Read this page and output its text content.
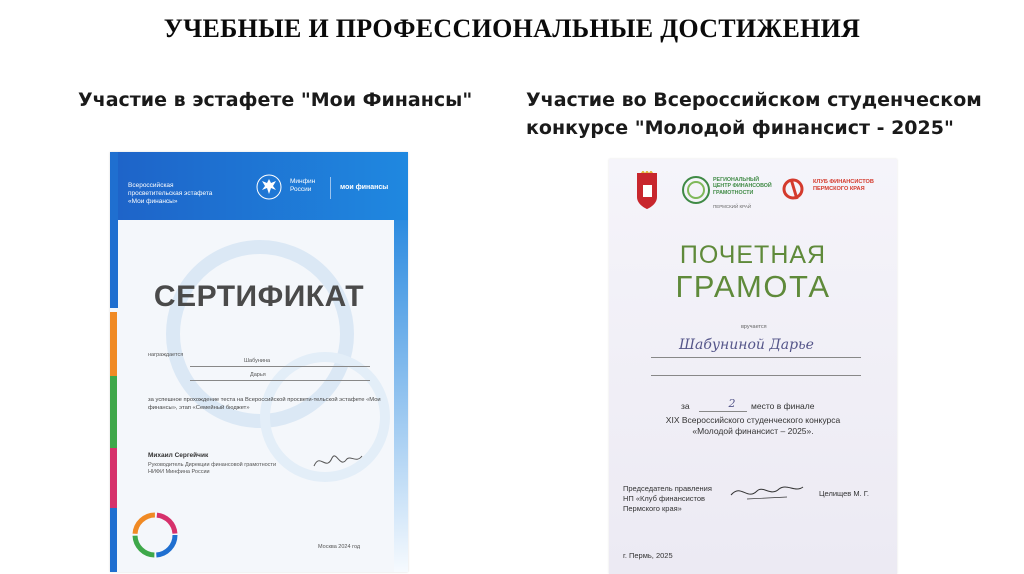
УЧЕБНЫЕ И ПРОФЕССИОНАЛЬНЫЕ ДОСТИЖЕНИЯ
Участие в эстафете "Мои Финансы"	Участие во Всероссийском студенческом конкурсе "Молодой финансист - 2025"
Всероссийская просветительская эстафета «Мои финансы»
Минфин России	мои финансы
СЕРТИФИКАТ
награждается
Шабунина
Дарья
за успешное прохождение теста на Всероссийской просвети-тельской эстафете «Мои финансы», этап «Семейный бюджет»
Михаил Сергейчик
Руководитель Дирекции финансовой грамотности НИФИ Минфина России
Москва 2024 год
РЕГИОНАЛЬНЫЙ ЦЕНТР ФИНАНСОВОЙ ГРАМОТНОСТИ
ПЕРМСКИЙ КРАЙ
КЛУБ ФИНАНСИСТОВ ПЕРМСКОГО КРАЯ
ПОЧЕТНАЯ
ГРАМОТА
вручается
Шабуниной Дарье
за	2	место в финале
XIX Всероссийского студенческого конкурса
«Молодой финансист – 2025».
Председатель правления НП «Клуб финансистов Пермского края»
Целищев М. Г.
г. Пермь, 2025
